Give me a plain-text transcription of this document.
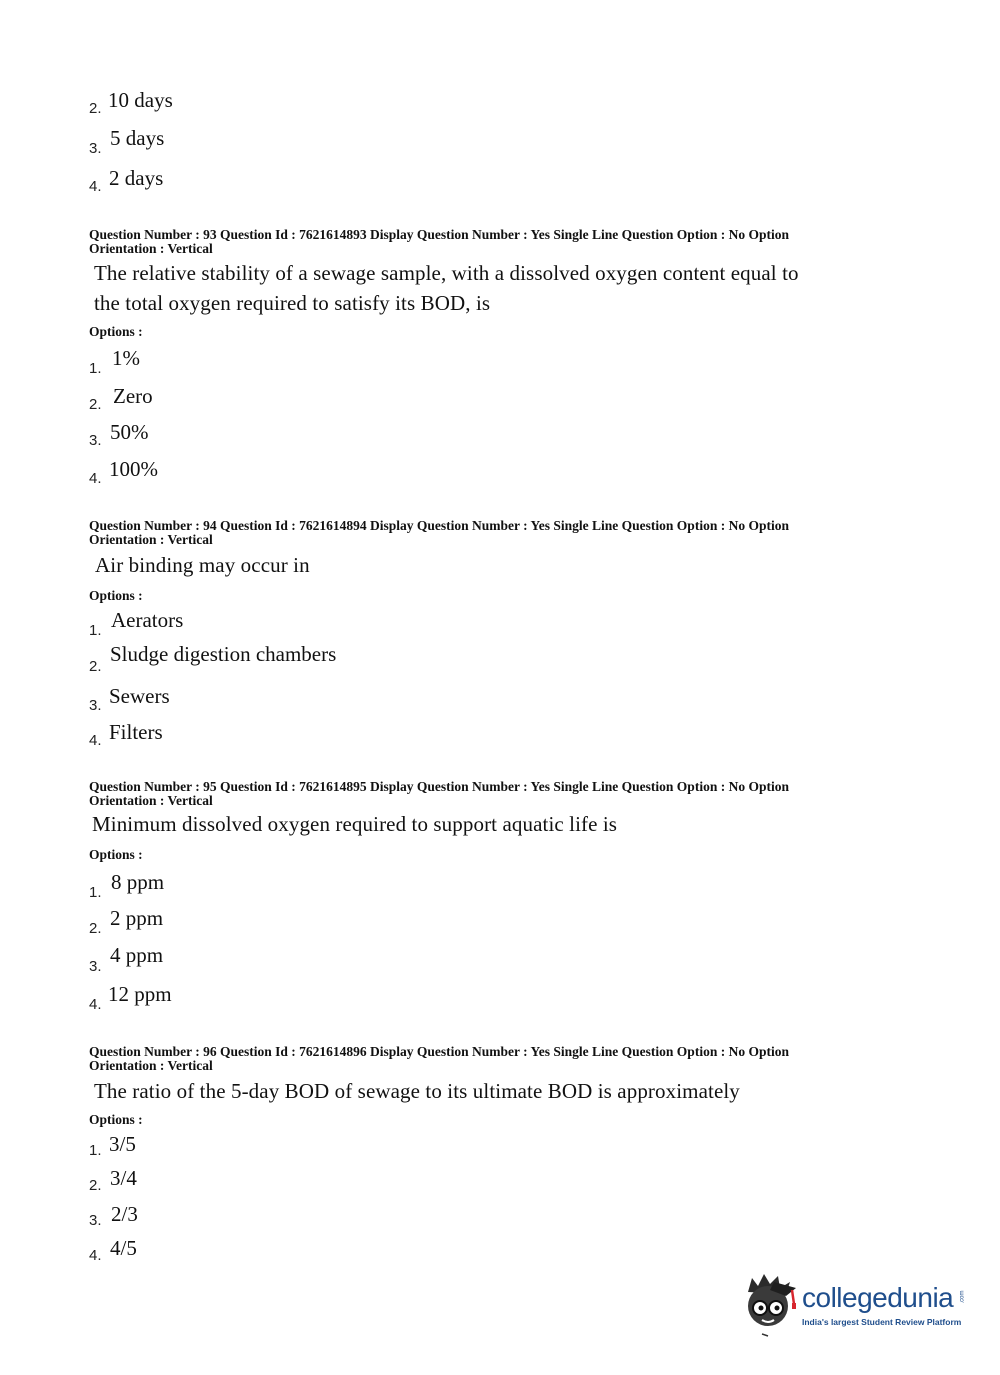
2. 10 days
3. 5 days
4. 2 days
Question Number : 93 Question Id : 7621614893 Display Question Number : Yes Single Line Question Option : No Option
Orientation : Vertical
The relative stability of a sewage sample, with a dissolved oxygen content equal to
the total oxygen required to satisfy its BOD, is
Options :
1. 1%
2. Zero
3. 50%
4. 100%
Question Number : 94 Question Id : 7621614894 Display Question Number : Yes Single Line Question Option : No Option
Orientation : Vertical
Air binding may occur in
Options :
1. Aerators
2.
Sludge digestion chambers
3. Sewers
4. Filters
Question Number : 95 Question Id : 7621614895 Display Question Number : Yes Single Line Question Option : No Option
Orientation : Vertical
Minimum dissolved oxygen required to support aquatic life is
Options :
1. 8 ppm
2. 2 ppm
3. 4 ppm
4. 12 ppm
Question Number : 96 Question Id : 7621614896 Display Question Number : Yes Single Line Question Option : No Option
Orientation : Vertical
The ratio of the 5-day BOD of sewage to its ultimate BOD is approximately
Options :
1. 3/5
2. 3/4
3. 2/3
4. 4/5
collegedunia .com
India's largest Student Review Platform
